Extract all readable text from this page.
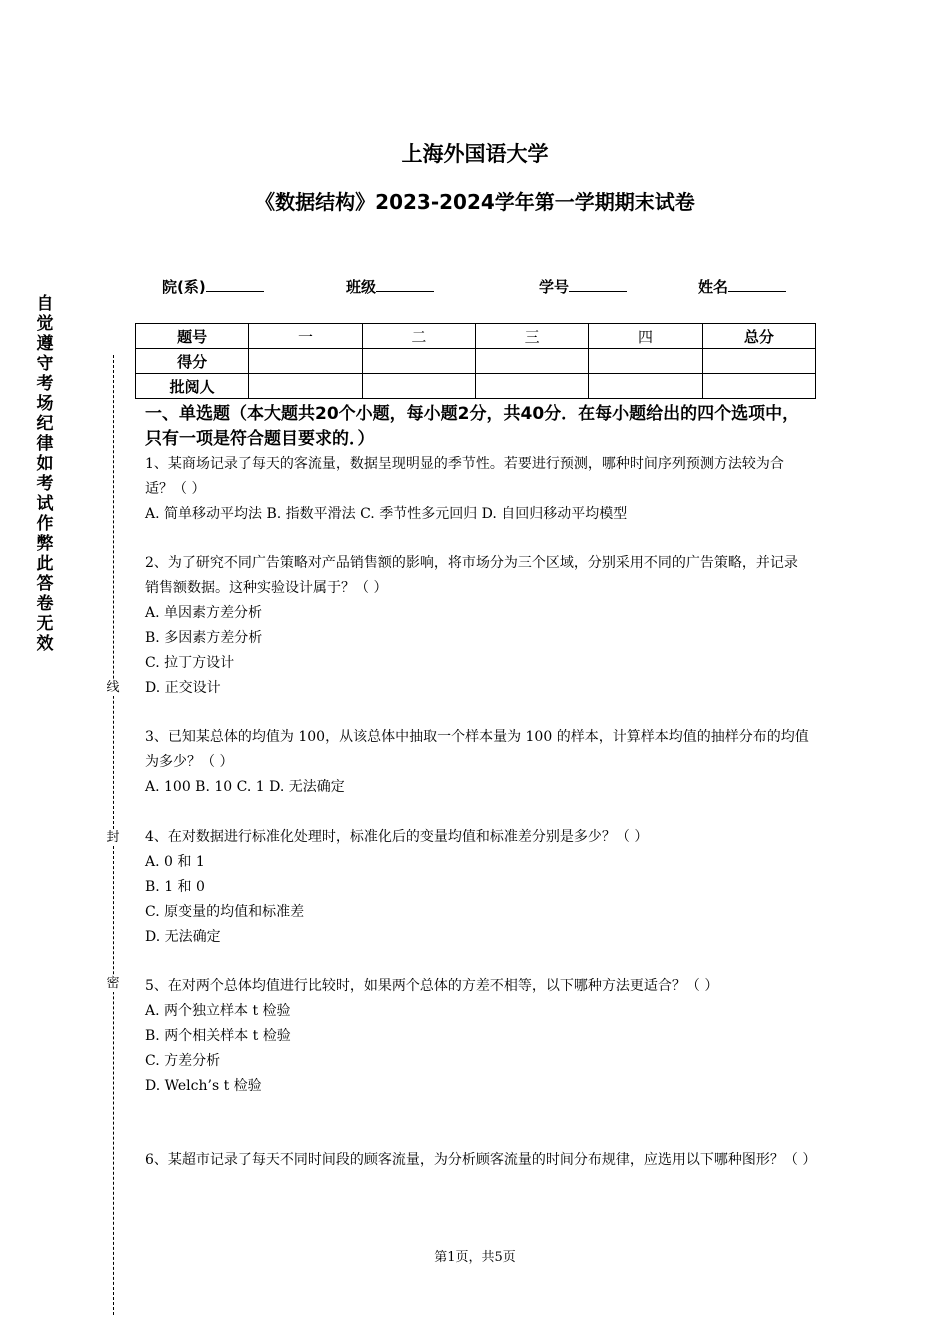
上海外国语大学
《数据结构》2023-2024学年第一学期期末试卷
院(系)	班级	学号	姓名
题号	一	二	三	四	总分
得分					
批阅人					
自觉遵守考场纪律如考试作弊此答卷无效
线
封
密
一、单选题（本大题共20个小题，每小题2分，共40分．在每小题给出的四个选项中，只有一项是符合题目要求的．）

1、某商场记录了每天的客流量，数据呈现明显的季节性。若要进行预测，哪种时间序列预测方法较为合适？（ ）

A. 简单移动平均法 B. 指数平滑法 C. 季节性多元回归 D. 自回归移动平均模型

2、为了研究不同广告策略对产品销售额的影响，将市场分为三个区域，分别采用不同的广告策略，并记录销售额数据。这种实验设计属于？（ ）

A. 单因素方差分析

B. 多因素方差分析

C. 拉丁方设计

D. 正交设计

3、已知某总体的均值为 100，从该总体中抽取一个样本量为 100 的样本，计算样本均值的抽样分布的均值为多少？（ ）

A. 100 B. 10 C. 1 D. 无法确定

4、在对数据进行标准化处理时，标准化后的变量均值和标准差分别是多少？（ ）

A. 0 和 1

B. 1 和 0

C. 原变量的均值和标准差

D. 无法确定

5、在对两个总体均值进行比较时，如果两个总体的方差不相等，以下哪种方法更适合？（ ）

A. 两个独立样本 t 检验

B. 两个相关样本 t 检验

C. 方差分析

D. Welch’s t 检验

6、某超市记录了每天不同时间段的顾客流量，为分析顾客流量的时间分布规律，应选用以下哪种图形？（ ）

第1页，共5页
